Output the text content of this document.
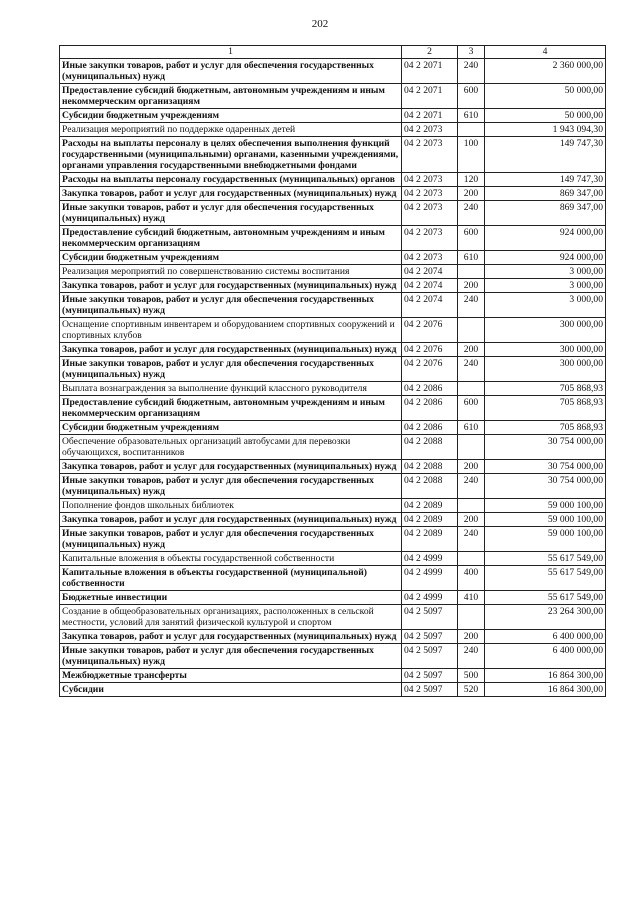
202
1	2	3	4
Иные закупки товаров, работ и услуг для обеспечения государственных (муниципальных) нужд	04 2 2071	240	2 360 000,00
Предоставление субсидий бюджетным, автономным учреждениям и иным некоммерческим организациям	04 2 2071	600	50 000,00
Субсидии бюджетным учреждениям	04 2 2071	610	50 000,00
Реализация мероприятий по поддержке одаренных детей	04 2 2073		1 943 094,30
Расходы на выплаты персоналу в целях обеспечения выполнения функций государственными (муниципальными) органами, казенными учреждениями, органами управления государственными внебюджетными фондами	04 2 2073	100	149 747,30
Расходы на выплаты персоналу государственных (муниципальных) органов	04 2 2073	120	149 747,30
Закупка товаров, работ и услуг для государственных (муниципальных) нужд	04 2 2073	200	869 347,00
Иные закупки товаров, работ и услуг для обеспечения государственных (муниципальных) нужд	04 2 2073	240	869 347,00
Предоставление субсидий бюджетным, автономным учреждениям и иным некоммерческим организациям	04 2 2073	600	924 000,00
Субсидии бюджетным учреждениям	04 2 2073	610	924 000,00
Реализация мероприятий по совершенствованию системы воспитания	04 2 2074		3 000,00
Закупка товаров, работ и услуг для государственных (муниципальных) нужд	04 2 2074	200	3 000,00
Иные закупки товаров, работ и услуг для обеспечения государственных (муниципальных) нужд	04 2 2074	240	3 000,00
Оснащение спортивным инвентарем и оборудованием спортивных сооружений и спортивных клубов	04 2 2076		300 000,00
Закупка товаров, работ и услуг для государственных (муниципальных) нужд	04 2 2076	200	300 000,00
Иные закупки товаров, работ и услуг для обеспечения государственных (муниципальных) нужд	04 2 2076	240	300 000,00
Выплата вознаграждения за выполнение функций классного руководителя	04 2 2086		705 868,93
Предоставление субсидий бюджетным, автономным учреждениям и иным некоммерческим организациям	04 2 2086	600	705 868,93
Субсидии бюджетным учреждениям	04 2 2086	610	705 868,93
Обеспечение образовательных организаций автобусами для перевозки обучающихся, воспитанников	04 2 2088		30 754 000,00
Закупка товаров, работ и услуг для государственных (муниципальных) нужд	04 2 2088	200	30 754 000,00
Иные закупки товаров, работ и услуг для обеспечения государственных (муниципальных) нужд	04 2 2088	240	30 754 000,00
Пополнение фондов школьных библиотек	04 2 2089		59 000 100,00
Закупка товаров, работ и услуг для государственных (муниципальных) нужд	04 2 2089	200	59 000 100,00
Иные закупки товаров, работ и услуг для обеспечения государственных (муниципальных) нужд	04 2 2089	240	59 000 100,00
Капитальные вложения в объекты государственной собственности	04 2 4999		55 617 549,00
Капитальные вложения в объекты государственной (муниципальной) собственности	04 2 4999	400	55 617 549,00
Бюджетные инвестиции	04 2 4999	410	55 617 549,00
Создание в общеобразовательных организациях, расположенных в сельской местности, условий для занятий физической культурой и спортом	04 2 5097		23 264 300,00
Закупка товаров, работ и услуг для государственных (муниципальных) нужд	04 2 5097	200	6 400 000,00
Иные закупки товаров, работ и услуг для обеспечения государственных (муниципальных) нужд	04 2 5097	240	6 400 000,00
Межбюджетные трансферты	04 2 5097	500	16 864 300,00
Субсидии	04 2 5097	520	16 864 300,00
